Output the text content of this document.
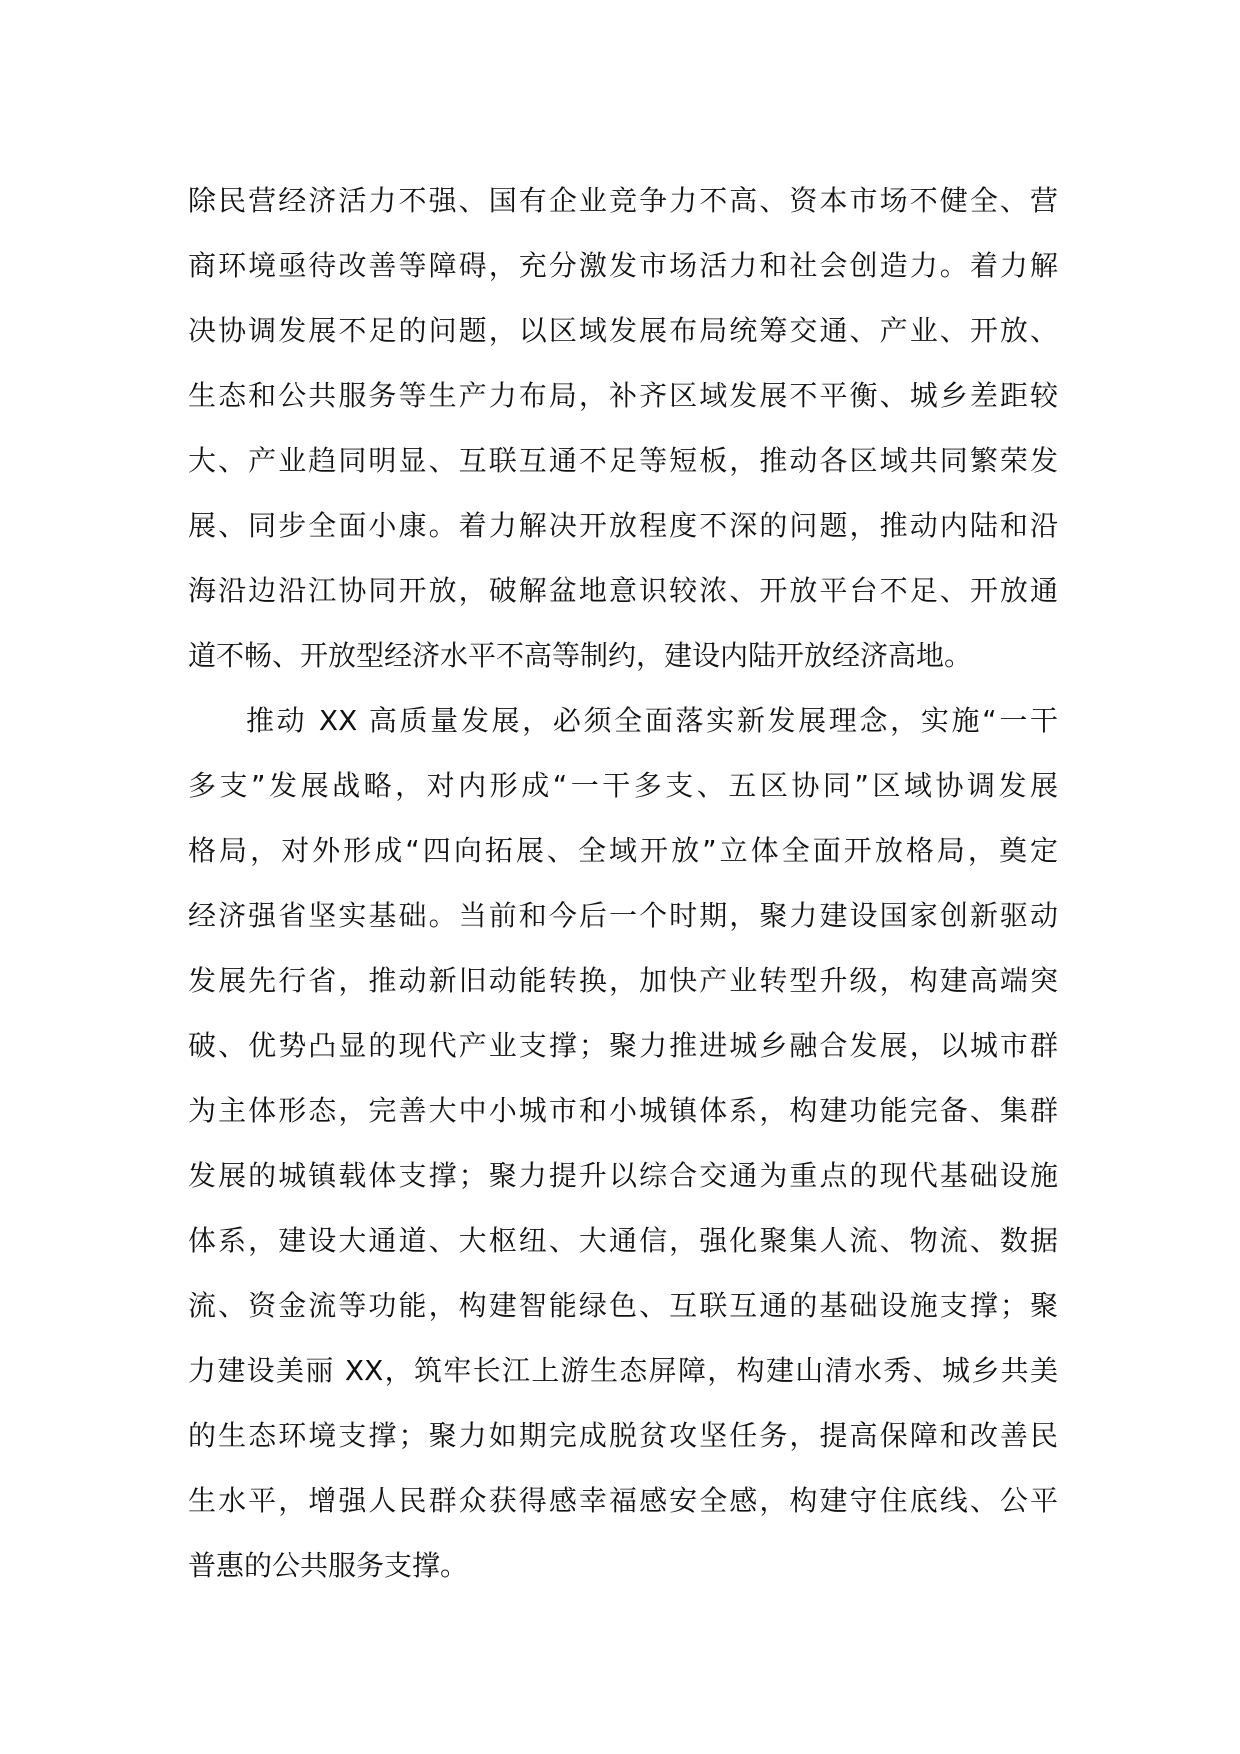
除民营经济活力不强、国有企业竞争力不高、资本市场不健全、营
商环境亟待改善等障碍，充分激发市场活力和社会创造力。着力解
决协调发展不足的问题，以区域发展布局统筹交通、产业、开放、
生态和公共服务等生产力布局，补齐区域发展不平衡、城乡差距较
大、产业趋同明显、互联互通不足等短板，推动各区域共同繁荣发
展、同步全面小康。着力解决开放程度不深的问题，推动内陆和沿
海沿边沿江协同开放，破解盆地意识较浓、开放平台不足、开放通
道不畅、开放型经济水平不高等制约，建设内陆开放经济高地。
推动 XX 高质量发展，必须全面落实新发展理念，实施“一干
多支”发展战略，对内形成“一干多支、五区协同”区域协调发展
格局，对外形成“四向拓展、全域开放”立体全面开放格局，奠定
经济强省坚实基础。当前和今后一个时期，聚力建设国家创新驱动
发展先行省，推动新旧动能转换，加快产业转型升级，构建高端突
破、优势凸显的现代产业支撑；聚力推进城乡融合发展，以城市群
为主体形态，完善大中小城市和小城镇体系，构建功能完备、集群
发展的城镇载体支撑；聚力提升以综合交通为重点的现代基础设施
体系，建设大通道、大枢纽、大通信，强化聚集人流、物流、数据
流、资金流等功能，构建智能绿色、互联互通的基础设施支撑；聚
力建设美丽 XX，筑牢长江上游生态屏障，构建山清水秀、城乡共美
的生态环境支撑；聚力如期完成脱贫攻坚任务，提高保障和改善民
生水平，增强人民群众获得感幸福感安全感，构建守住底线、公平
普惠的公共服务支撑。
